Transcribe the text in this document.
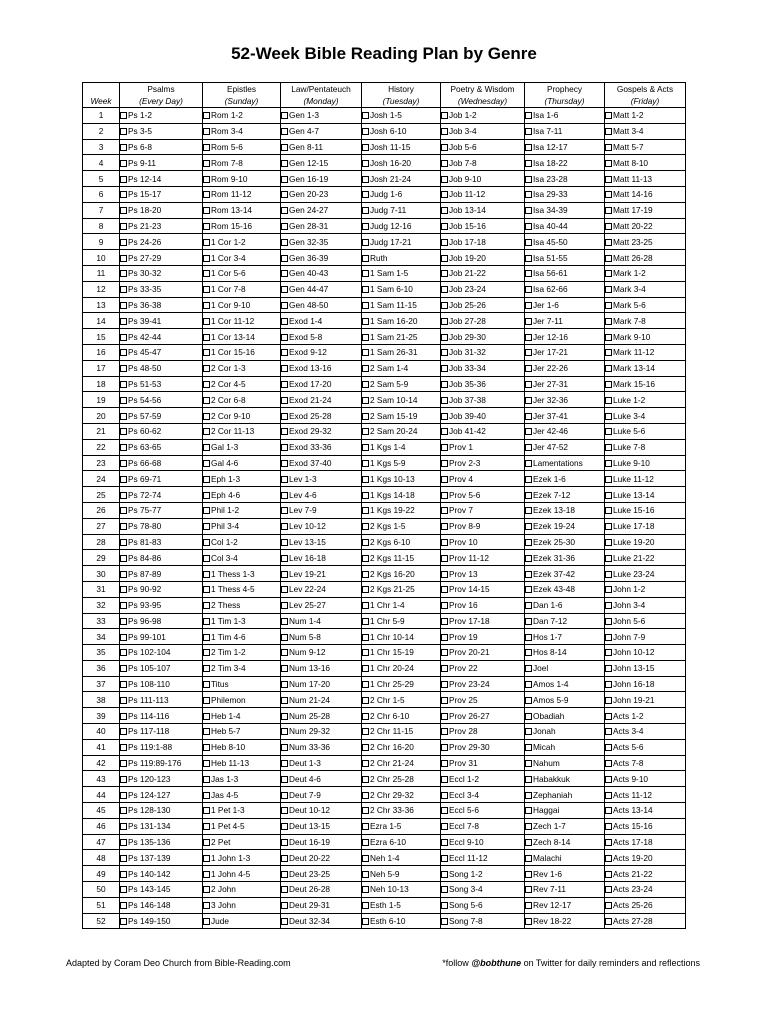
52-Week Bible Reading Plan by Genre
	Psalms	Epistles	Law/Pentateuch	History	Poetry & Wisdom	Prophecy	Gospels & Acts
Week	(Every Day)	(Sunday)	(Monday)	(Tuesday)	(Wednesday)	(Thursday)	(Friday)
1	Ps 1-2	Rom 1-2	Gen 1-3	Josh 1-5	Job 1-2	Isa 1-6	Matt 1-2
2	Ps 3-5	Rom 3-4	Gen 4-7	Josh 6-10	Job 3-4	Isa 7-11	Matt 3-4
3	Ps 6-8	Rom 5-6	Gen 8-11	Josh 11-15	Job 5-6	Isa 12-17	Matt 5-7
4	Ps 9-11	Rom 7-8	Gen 12-15	Josh 16-20	Job 7-8	Isa 18-22	Matt 8-10
5	Ps 12-14	Rom 9-10	Gen 16-19	Josh 21-24	Job 9-10	Isa 23-28	Matt 11-13
6	Ps 15-17	Rom 11-12	Gen 20-23	Judg 1-6	Job 11-12	Isa 29-33	Matt 14-16
7	Ps 18-20	Rom 13-14	Gen 24-27	Judg 7-11	Job 13-14	Isa 34-39	Matt 17-19
8	Ps 21-23	Rom 15-16	Gen 28-31	Judg 12-16	Job 15-16	Isa 40-44	Matt 20-22
9	Ps 24-26	1 Cor 1-2	Gen 32-35	Judg 17-21	Job 17-18	Isa 45-50	Matt 23-25
10	Ps 27-29	1 Cor 3-4	Gen 36-39	Ruth	Job 19-20	Isa 51-55	Matt 26-28
11	Ps 30-32	1 Cor 5-6	Gen 40-43	1 Sam 1-5	Job 21-22	Isa 56-61	Mark 1-2
12	Ps 33-35	1 Cor 7-8	Gen 44-47	1 Sam 6-10	Job 23-24	Isa 62-66	Mark 3-4
13	Ps 36-38	1 Cor 9-10	Gen 48-50	1 Sam 11-15	Job 25-26	Jer 1-6	Mark 5-6
14	Ps 39-41	1 Cor 11-12	Exod 1-4	1 Sam 16-20	Job 27-28	Jer 7-11	Mark 7-8
15	Ps 42-44	1 Cor 13-14	Exod 5-8	1 Sam 21-25	Job 29-30	Jer 12-16	Mark 9-10
16	Ps 45-47	1 Cor 15-16	Exod 9-12	1 Sam 26-31	Job 31-32	Jer 17-21	Mark 11-12
17	Ps 48-50	2 Cor 1-3	Exod 13-16	2 Sam 1-4	Job 33-34	Jer 22-26	Mark 13-14
18	Ps 51-53	2 Cor 4-5	Exod 17-20	2 Sam 5-9	Job 35-36	Jer 27-31	Mark 15-16
19	Ps 54-56	2 Cor 6-8	Exod 21-24	2 Sam 10-14	Job 37-38	Jer 32-36	Luke 1-2
20	Ps 57-59	2 Cor 9-10	Exod 25-28	2 Sam 15-19	Job 39-40	Jer 37-41	Luke 3-4
21	Ps 60-62	2 Cor 11-13	Exod 29-32	2 Sam 20-24	Job 41-42	Jer 42-46	Luke 5-6
22	Ps 63-65	Gal 1-3	Exod 33-36	1 Kgs 1-4	Prov 1	Jer 47-52	Luke 7-8
23	Ps 66-68	Gal 4-6	Exod 37-40	1 Kgs 5-9	Prov 2-3	Lamentations	Luke 9-10
24	Ps 69-71	Eph 1-3	Lev 1-3	1 Kgs 10-13	Prov 4	Ezek 1-6	Luke 11-12
25	Ps 72-74	Eph 4-6	Lev 4-6	1 Kgs 14-18	Prov 5-6	Ezek 7-12	Luke 13-14
26	Ps 75-77	Phil 1-2	Lev 7-9	1 Kgs 19-22	Prov 7	Ezek 13-18	Luke 15-16
27	Ps 78-80	Phil 3-4	Lev 10-12	2 Kgs 1-5	Prov 8-9	Ezek 19-24	Luke 17-18
28	Ps 81-83	Col 1-2	Lev 13-15	2 Kgs 6-10	Prov 10	Ezek 25-30	Luke 19-20
29	Ps 84-86	Col 3-4	Lev 16-18	2 Kgs 11-15	Prov 11-12	Ezek 31-36	Luke 21-22
30	Ps 87-89	1 Thess 1-3	Lev 19-21	2 Kgs 16-20	Prov 13	Ezek 37-42	Luke 23-24
31	Ps 90-92	1 Thess 4-5	Lev 22-24	2 Kgs 21-25	Prov 14-15	Ezek 43-48	John 1-2
32	Ps 93-95	2 Thess	Lev 25-27	1 Chr 1-4	Prov 16	Dan 1-6	John 3-4
33	Ps 96-98	1 Tim 1-3	Num 1-4	1 Chr 5-9	Prov 17-18	Dan 7-12	John 5-6
34	Ps 99-101	1 Tim 4-6	Num 5-8	1 Chr 10-14	Prov 19	Hos 1-7	John 7-9
35	Ps 102-104	2 Tim 1-2	Num 9-12	1 Chr 15-19	Prov 20-21	Hos 8-14	John 10-12
36	Ps 105-107	2 Tim 3-4	Num 13-16	1 Chr 20-24	Prov 22	Joel	John 13-15
37	Ps 108-110	Titus	Num 17-20	1 Chr 25-29	Prov 23-24	Amos 1-4	John 16-18
38	Ps 111-113	Philemon	Num 21-24	2 Chr 1-5	Prov 25	Amos 5-9	John 19-21
39	Ps 114-116	Heb 1-4	Num 25-28	2 Chr 6-10	Prov 26-27	Obadiah	Acts 1-2
40	Ps 117-118	Heb 5-7	Num 29-32	2 Chr 11-15	Prov 28	Jonah	Acts 3-4
41	Ps 119:1-88	Heb 8-10	Num 33-36	2 Chr 16-20	Prov 29-30	Micah	Acts 5-6
42	Ps 119:89-176	Heb 11-13	Deut 1-3	2 Chr 21-24	Prov 31	Nahum	Acts 7-8
43	Ps 120-123	Jas 1-3	Deut 4-6	2 Chr 25-28	Eccl 1-2	Habakkuk	Acts 9-10
44	Ps 124-127	Jas 4-5	Deut 7-9	2 Chr 29-32	Eccl 3-4	Zephaniah	Acts 11-12
45	Ps 128-130	1 Pet 1-3	Deut 10-12	2 Chr 33-36	Eccl 5-6	Haggai	Acts 13-14
46	Ps 131-134	1 Pet 4-5	Deut 13-15	Ezra 1-5	Eccl 7-8	Zech 1-7	Acts 15-16
47	Ps 135-136	2 Pet	Deut 16-19	Ezra 6-10	Eccl 9-10	Zech 8-14	Acts 17-18
48	Ps 137-139	1 John 1-3	Deut 20-22	Neh 1-4	Eccl 11-12	Malachi	Acts 19-20
49	Ps 140-142	1 John 4-5	Deut 23-25	Neh 5-9	Song 1-2	Rev 1-6	Acts 21-22
50	Ps 143-145	2 John	Deut 26-28	Neh 10-13	Song 3-4	Rev 7-11	Acts 23-24
51	Ps 146-148	3 John	Deut 29-31	Esth 1-5	Song 5-6	Rev 12-17	Acts 25-26
52	Ps 149-150	Jude	Deut 32-34	Esth 6-10	Song 7-8	Rev 18-22	Acts 27-28
Adapted by Coram Deo Church from Bible-Reading.com	*follow @bobthune on Twitter for daily reminders and reflections
